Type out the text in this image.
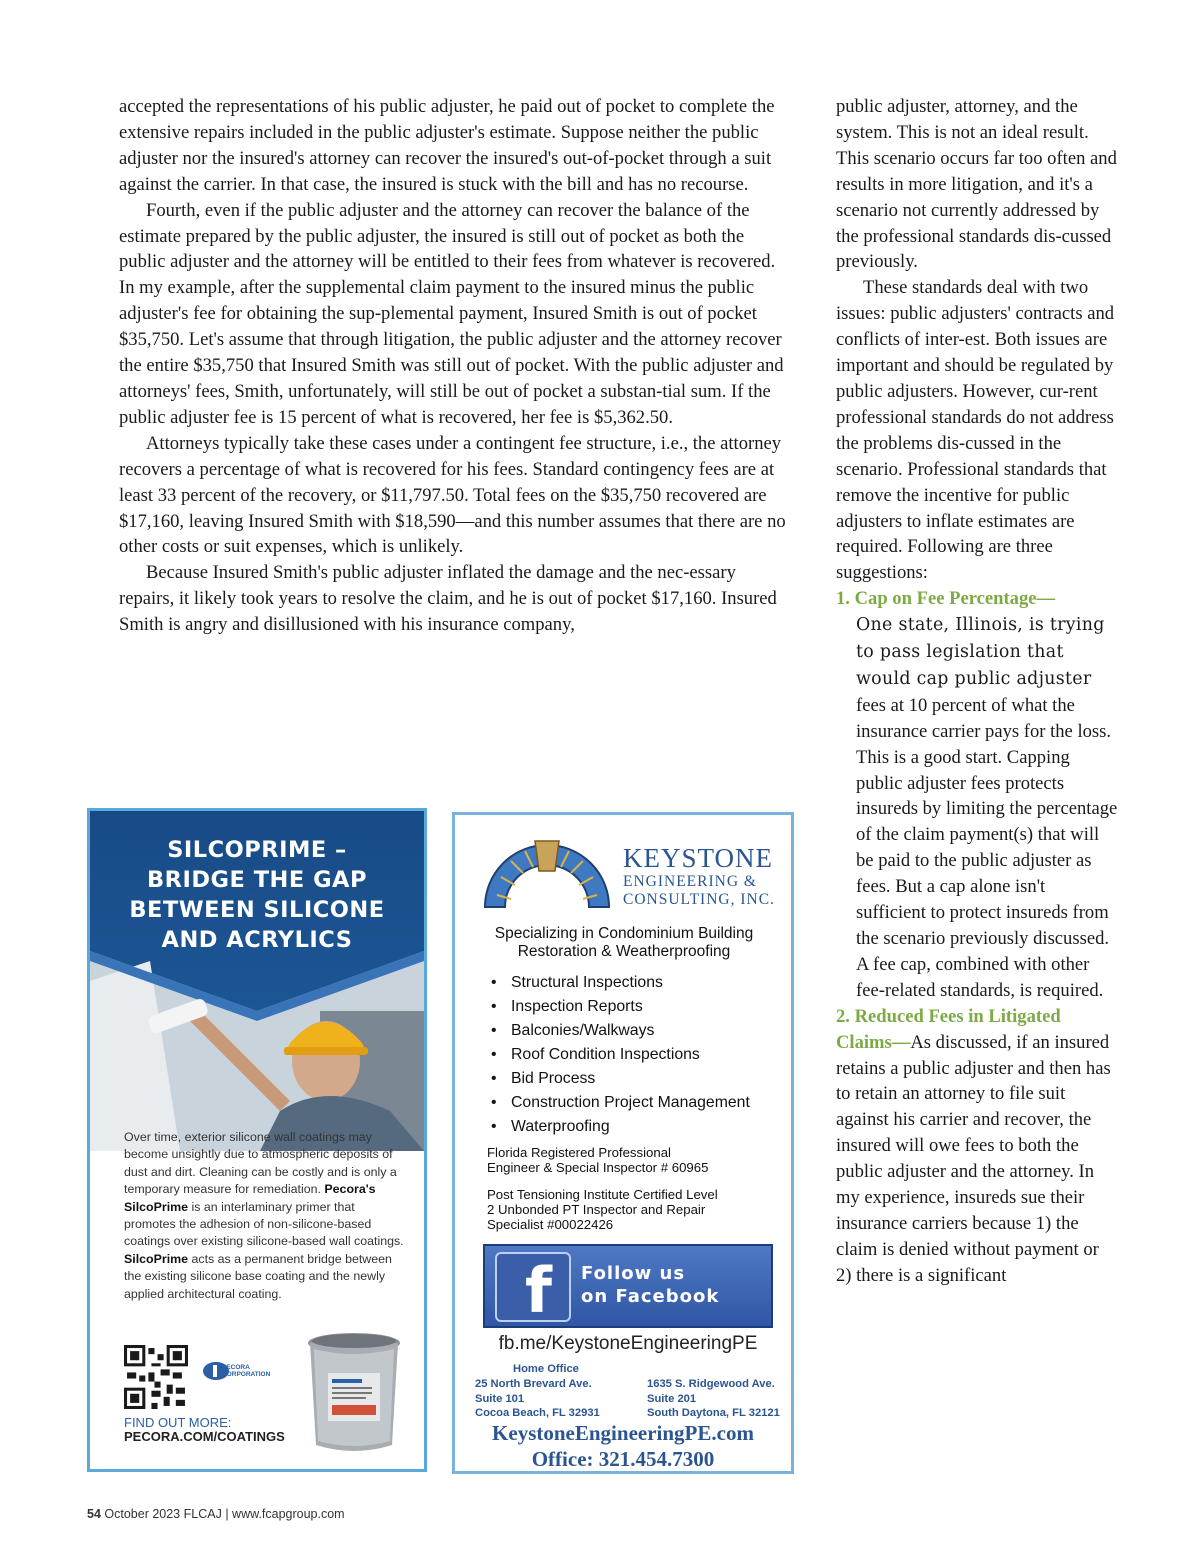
accepted the representations of his public adjuster, he paid out of pocket to complete the extensive repairs included in the public adjuster's estimate. Suppose neither the public adjuster nor the insured's attorney can recover the insured's out-of-pocket through a suit against the carrier. In that case, the insured is stuck with the bill and has no recourse.

Fourth, even if the public adjuster and the attorney can recover the balance of the estimate prepared by the public adjuster, the insured is still out of pocket as both the public adjuster and the attorney will be entitled to their fees from whatever is recovered. In my example, after the supplemental claim payment to the insured minus the public adjuster's fee for obtaining the sup-plemental payment, Insured Smith is out of pocket $35,750. Let's assume that through litigation, the public adjuster and the attorney recover the entire $35,750 that Insured Smith was still out of pocket. With the public adjuster and attorneys' fees, Smith, unfortunately, will still be out of pocket a substan-tial sum. If the public adjuster fee is 15 percent of what is recovered, her fee is $5,362.50.

Attorneys typically take these cases under a contingent fee structure, i.e., the attorney recovers a percentage of what is recovered for his fees. Standard contingency fees are at least 33 percent of the recovery, or $11,797.50. Total fees on the $35,750 recovered are $17,160, leaving Insured Smith with $18,590—and this number assumes that there are no other costs or suit expenses, which is unlikely.

Because Insured Smith's public adjuster inflated the damage and the nec-essary repairs, it likely took years to resolve the claim, and he is out of pocket $17,160. Insured Smith is angry and disillusioned with his insurance company,

public adjuster, attorney, and the system. This is not an ideal result. This scenario occurs far too often and results in more litigation, and it's a scenario not currently addressed by the professional standards dis-cussed previously.

These standards deal with two issues: public adjusters' contracts and conflicts of inter-est. Both issues are important and should be regulated by public adjusters. However, cur-rent professional standards do not address the problems dis-cussed in the scenario. Professional standards that remove the incentive for public adjusters to inflate estimates are required. Following are three suggestions:

1. Cap on Fee Percentage—
One state, Illinois, is trying to pass legislation that would cap public adjuster fees at 10 percent of what the insurance carrier pays for the loss. This is a good start. Capping public adjuster fees protects insureds by limiting the percentage of the claim payment(s) that will be paid to the public adjuster as fees. But a cap alone isn't sufficient to protect insureds from the scenario previously discussed. A fee cap, combined with other fee-related standards, is required.
2. Reduced Fees in Litigated Claims—As discussed, if an insured retains a public adjuster and then has to retain an attorney to file suit against his carrier and recover, the insured will owe fees to both the public adjuster and the attorney. In my experience, insureds sue their insurance carriers because 1) the claim is denied without payment or 2) there is a significant
SILCOPRIME –
BRIDGE THE GAP
BETWEEN SILICONE
AND ACRYLICS
Over time, exterior silicone wall coatings may become unsightly due to atmospheric deposits of dust and dirt. Cleaning can be costly and is only a temporary measure for remediation. Pecora's SilcoPrime is an interlaminary primer that promotes the adhesion of non-silicone-based coatings over existing silicone-based wall coatings. SilcoPrime acts as a permanent bridge between the existing silicone base coating and the newly applied architectural coating.
PECORA
CORPORATION
FIND OUT MORE:
PECORA.COM/COATINGS
KEYSTONE
ENGINEERING &
CONSULTING, INC.
Specializing in Condominium Building
Restoration & Weatherproofing
• Structural Inspections
• Inspection Reports
• Balconies/Walkways
• Roof Condition Inspections
• Bid Process
• Construction Project Management
• Waterproofing
Florida Registered Professional
Engineer & Special Inspector # 60965
Post Tensioning Institute Certified Level
2 Unbonded PT Inspector and Repair
Specialist #00022426
f Follow us
on Facebook
fb.me/KeystoneEngineeringPE
Home Office
25 North Brevard Ave.
Suite 101
Cocoa Beach, FL 32931
1635 S. Ridgewood Ave.
Suite 201
South Daytona, FL 32121
KeystoneEngineeringPE.com
Office: 321.454.7300
54 October 2023 FLCAJ | www.fcapgroup.com
